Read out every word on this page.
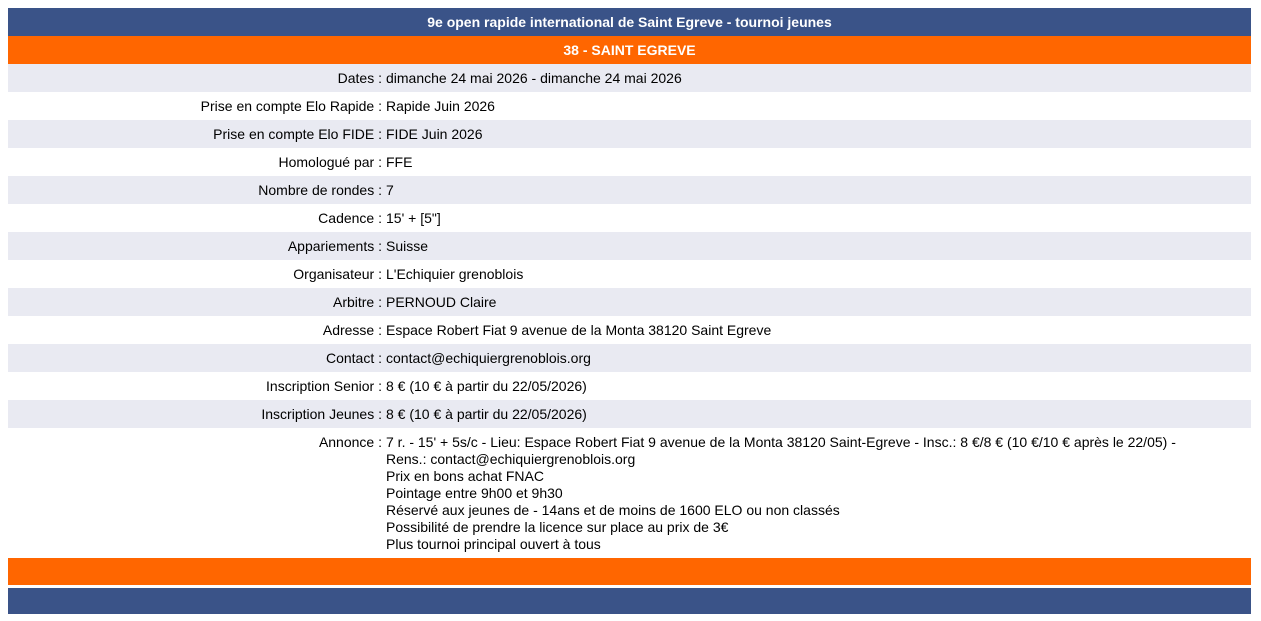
9e open rapide international de Saint Egreve - tournoi jeunes
38 - SAINT EGREVE
Dates : dimanche 24 mai 2026 - dimanche 24 mai 2026
Prise en compte Elo Rapide : Rapide Juin 2026
Prise en compte Elo FIDE : FIDE Juin 2026
Homologué par : FFE
Nombre de rondes : 7
Cadence : 15' + [5"]
Appariements : Suisse
Organisateur : L'Echiquier grenoblois
Arbitre : PERNOUD Claire
Adresse : Espace Robert Fiat 9 avenue de la Monta 38120 Saint Egreve
Contact : contact@echiquiergrenoblois.org
Inscription Senior : 8 € (10 € à partir du 22/05/2026)
Inscription Jeunes : 8 € (10 € à partir du 22/05/2026)
Annonce : 7 r. - 15' + 5s/c - Lieu: Espace Robert Fiat 9 avenue de la Monta 38120 Saint-Egreve - Insc.: 8 €/8 € (10 €/10 € après le 22/05) -
Rens.: contact@echiquiergrenoblois.org
Prix en bons achat FNAC
Pointage entre 9h00 et 9h30
Réservé aux jeunes de - 14ans et de moins de 1600 ELO ou non classés
Possibilité de prendre la licence sur place au prix de 3€
Plus tournoi principal ouvert à tous
